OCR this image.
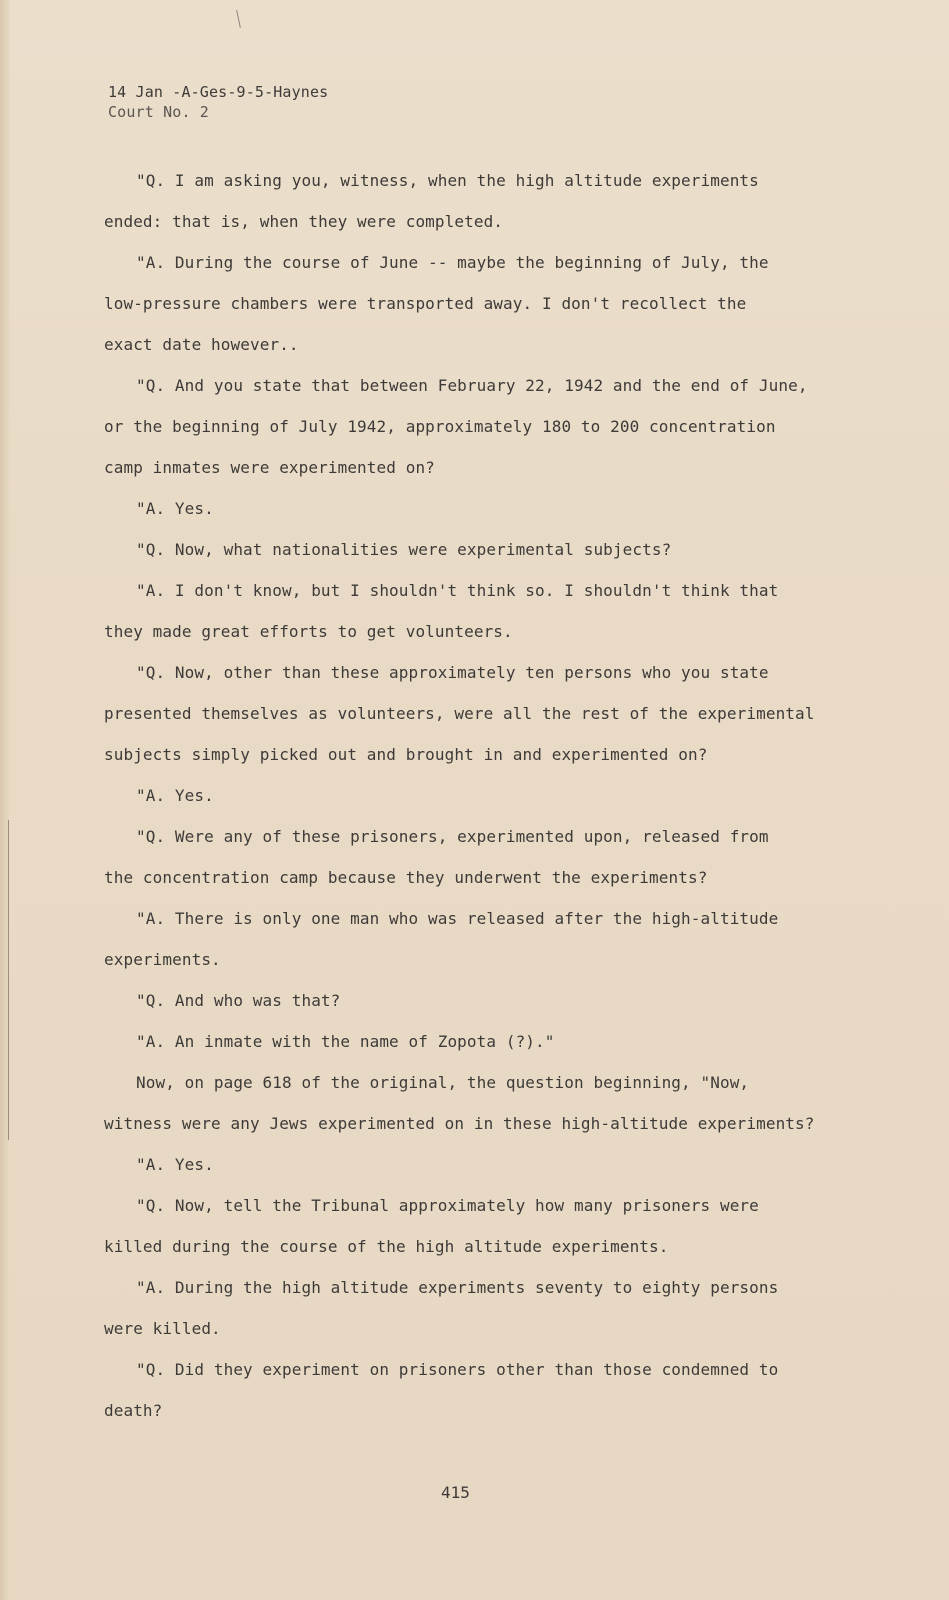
14 Jan -A-Ges-9-5-Haynes
Court No. 2
"Q. I am asking you, witness, when the high altitude experiments
ended: that is, when they were completed.
"A. During the course of June -- maybe the beginning of July, the
low-pressure chambers were transported away. I don't recollect the
exact date however..
"Q. And you state that between February 22, 1942 and the end of June,
or the beginning of July 1942, approximately 180 to 200 concentration
camp inmates were experimented on?
"A. Yes.
"Q. Now, what nationalities were experimental subjects?
"A. I don't know, but I shouldn't think so. I shouldn't think that
they made great efforts to get volunteers.
"Q. Now, other than these approximately ten persons who you state
presented themselves as volunteers, were all the rest of the experimental
subjects simply picked out and brought in and experimented on?
"A. Yes.
"Q. Were any of these prisoners, experimented upon, released from
the concentration camp because they underwent the experiments?
"A. There is only one man who was released after the high-altitude
experiments.
"Q. And who was that?
"A. An inmate with the name of Zopota (?)."
Now, on page 618 of the original, the question beginning, "Now,
witness were any Jews experimented on in these high-altitude experiments?
"A. Yes.
"Q. Now, tell the Tribunal approximately how many prisoners were
killed during the course of the high altitude experiments.
"A. During the high altitude experiments seventy to eighty persons
were killed.
"Q. Did they experiment on prisoners other than those condemned to
death?
415
